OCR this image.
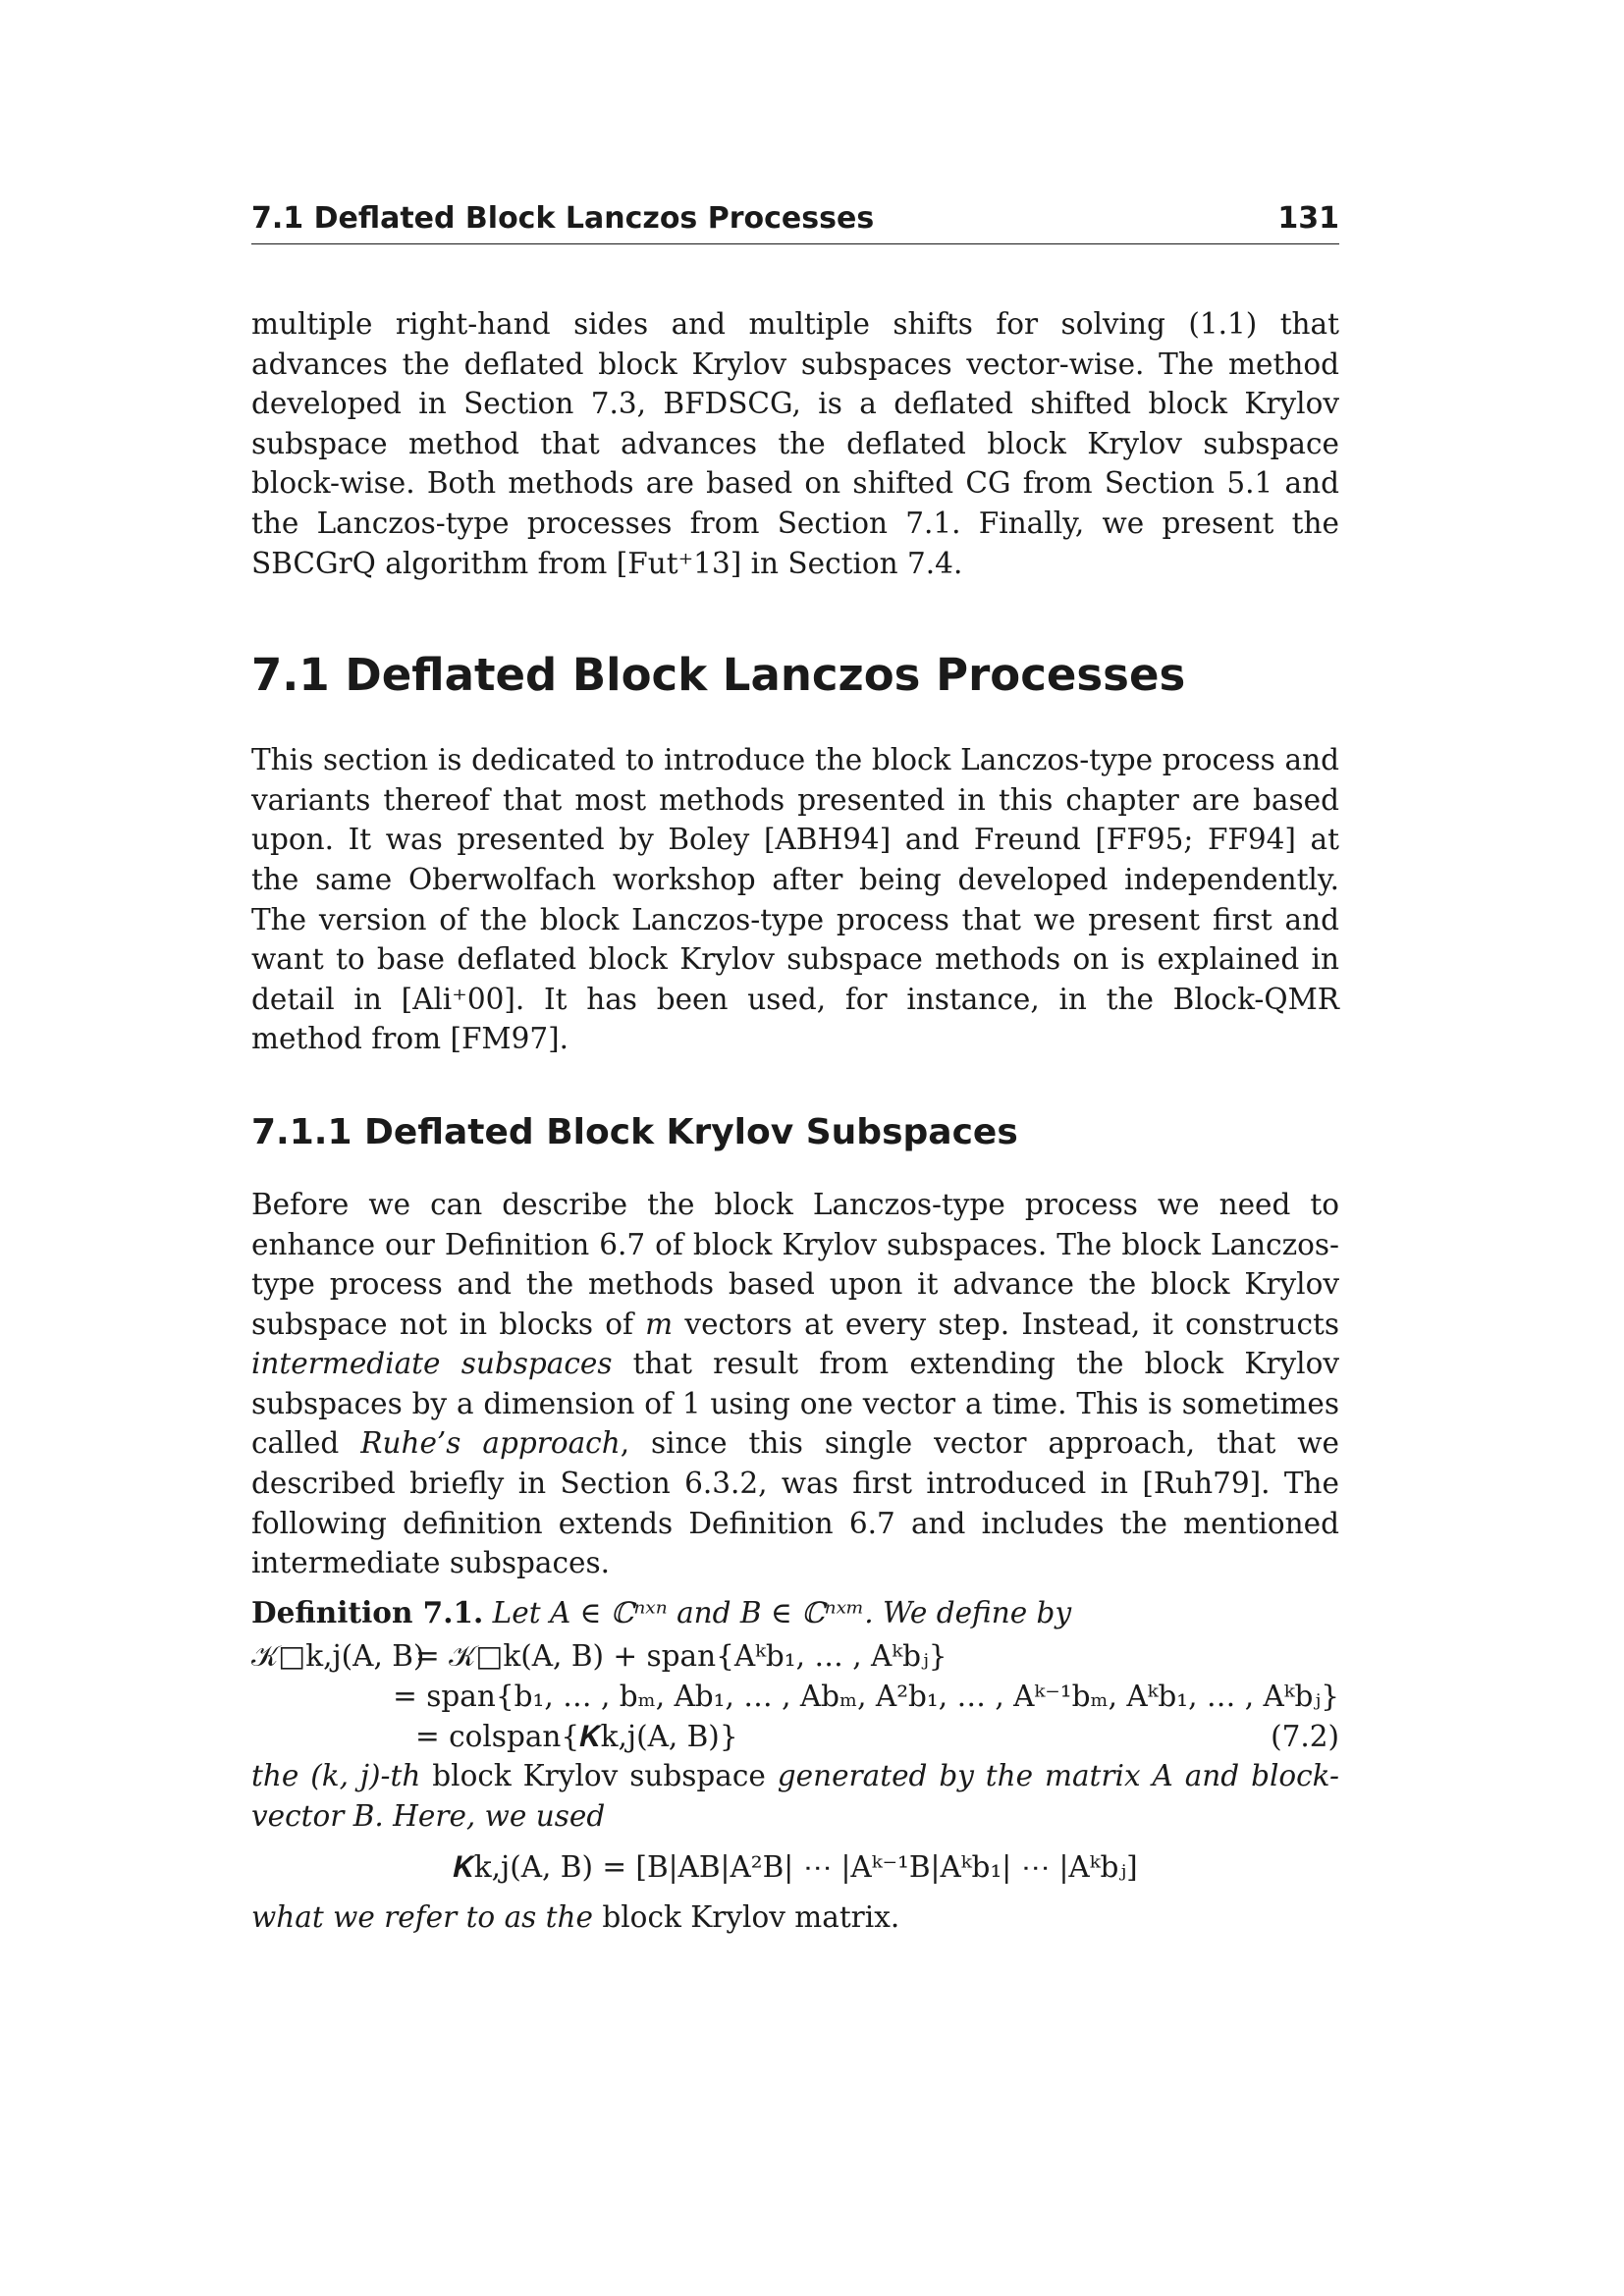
7.1 Deflated Block Lanczos Processes	131

multiple right-hand sides and multiple shifts for solving (1.1) that advances the deflated block Krylov subspaces vector-wise. The method developed in Section 7.3, BFDSCG, is a deflated shifted block Krylov subspace method that advances the deflated block Krylov subspace block-wise. Both methods are based on shifted CG from Section 5.1 and the Lanczos-type processes from Section 7.1. Finally, we present the SBCGrQ algorithm from [Fut⁺13] in Section 7.4.

7.1 Deflated Block Lanczos Processes

This section is dedicated to introduce the block Lanczos-type process and variants thereof that most methods presented in this chapter are based upon. It was presented by Boley [ABH94] and Freund [FF95; FF94] at the same Oberwolfach workshop after being developed independently. The version of the block Lanczos-type process that we present first and want to base deflated block Krylov subspace methods on is explained in detail in [Ali⁺00]. It has been used, for instance, in the Block-QMR method from [FM97].

7.1.1 Deflated Block Krylov Subspaces

Before we can describe the block Lanczos-type process we need to enhance our Definition 6.7 of block Krylov subspaces. The block Lanczos-type process and the methods based upon it advance the block Krylov subspace not in blocks of m vectors at every step. Instead, it constructs intermediate subspaces that result from extending the block Krylov subspaces by a dimension of 1 using one vector a time. This is sometimes called Ruhe’s approach, since this single vector approach, that we described briefly in Section 6.3.2, was first introduced in [Ruh79]. The following definition extends Definition 6.7 and includes the mentioned intermediate subspaces.

Definition 7.1. Let A ∈ ℂⁿˣⁿ and B ∈ ℂⁿˣᵐ. We define by

𝒦□k,j(A, B)
= 𝒦□k(A, B) + span{Aᵏb₁, … , Aᵏbⱼ}
= span{b₁, … , bₘ, Ab₁, … , Abₘ, A²b₁, … , Aᵏ⁻¹bₘ, Aᵏb₁, … , Aᵏbⱼ}
= colspan{𝑲k,j(A, B)}	(7.2)

the (k, j)-th block Krylov subspace generated by the matrix A and block-vector B. Here, we used

𝑲k,j(A, B) = [B|AB|A²B| ⋯ |Aᵏ⁻¹B|Aᵏb₁| ⋯ |Aᵏbⱼ]

what we refer to as the block Krylov matrix.
